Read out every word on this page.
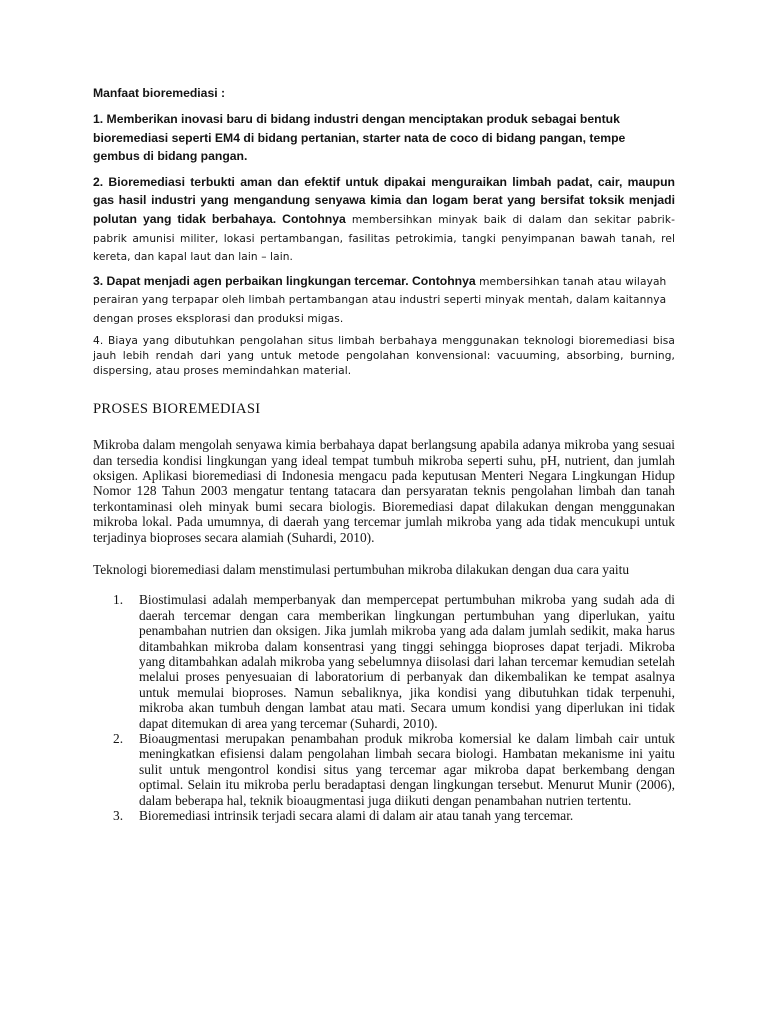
Manfaat bioremediasi :

1. Memberikan inovasi baru di bidang industri dengan menciptakan produk sebagai bentuk bioremediasi seperti EM4 di bidang pertanian, starter nata de coco di bidang pangan, tempe gembus di bidang pangan.

2. Bioremediasi terbukti aman dan efektif untuk dipakai menguraikan limbah padat, cair, maupun gas hasil industri yang mengandung senyawa kimia dan logam berat yang bersifat toksik menjadi polutan yang tidak berbahaya. Contohnya membersihkan minyak baik di dalam dan sekitar pabrik-pabrik amunisi militer, lokasi pertambangan, fasilitas petrokimia, tangki penyimpanan bawah tanah, rel kereta, dan kapal laut dan lain – lain.

3. Dapat menjadi agen perbaikan lingkungan tercemar. Contohnya membersihkan tanah atau wilayah perairan yang terpapar oleh limbah pertambangan atau industri seperti minyak mentah, dalam kaitannya dengan proses eksplorasi dan produksi migas.

4. Biaya yang dibutuhkan pengolahan situs limbah berbahaya menggunakan teknologi bioremediasi bisa jauh lebih rendah dari yang untuk metode pengolahan konvensional: vacuuming, absorbing, burning, dispersing, atau proses memindahkan material.

PROSES BIOREMEDIASI

Mikroba dalam mengolah senyawa kimia berbahaya dapat berlangsung apabila adanya mikroba yang sesuai dan tersedia kondisi lingkungan yang ideal tempat tumbuh mikroba seperti suhu, pH, nutrient, dan jumlah oksigen. Aplikasi bioremediasi di Indonesia mengacu pada keputusan Menteri Negara Lingkungan Hidup Nomor 128 Tahun 2003 mengatur tentang tatacara dan persyaratan teknis pengolahan limbah dan tanah terkontaminasi oleh minyak bumi secara biologis. Bioremediasi dapat dilakukan dengan menggunakan mikroba lokal. Pada umumnya, di daerah yang tercemar jumlah mikroba yang ada tidak mencukupi untuk terjadinya bioproses secara alamiah (Suhardi, 2010).

Teknologi bioremediasi dalam menstimulasi pertumbuhan mikroba dilakukan dengan dua cara yaitu

1. Biostimulasi adalah memperbanyak dan mempercepat pertumbuhan mikroba yang sudah ada di daerah tercemar dengan cara memberikan lingkungan pertumbuhan yang diperlukan, yaitu penambahan nutrien dan oksigen. Jika jumlah mikroba yang ada dalam jumlah sedikit, maka harus ditambahkan mikroba dalam konsentrasi yang tinggi sehingga bioproses dapat terjadi. Mikroba yang ditambahkan adalah mikroba yang sebelumnya diisolasi dari lahan tercemar kemudian setelah melalui proses penyesuaian di laboratorium di perbanyak dan dikembalikan ke tempat asalnya untuk memulai bioproses. Namun sebaliknya, jika kondisi yang dibutuhkan tidak terpenuhi, mikroba akan tumbuh dengan lambat atau mati. Secara umum kondisi yang diperlukan ini tidak dapat ditemukan di area yang tercemar (Suhardi, 2010).
2. Bioaugmentasi merupakan penambahan produk mikroba komersial ke dalam limbah cair untuk meningkatkan efisiensi dalam pengolahan limbah secara biologi. Hambatan mekanisme ini yaitu sulit untuk mengontrol kondisi situs yang tercemar agar mikroba dapat berkembang dengan optimal. Selain itu mikroba perlu beradaptasi dengan lingkungan tersebut. Menurut Munir (2006), dalam beberapa hal, teknik bioaugmentasi juga diikuti dengan penambahan nutrien tertentu.
3. Bioremediasi intrinsik terjadi secara alami di dalam air atau tanah yang tercemar.
